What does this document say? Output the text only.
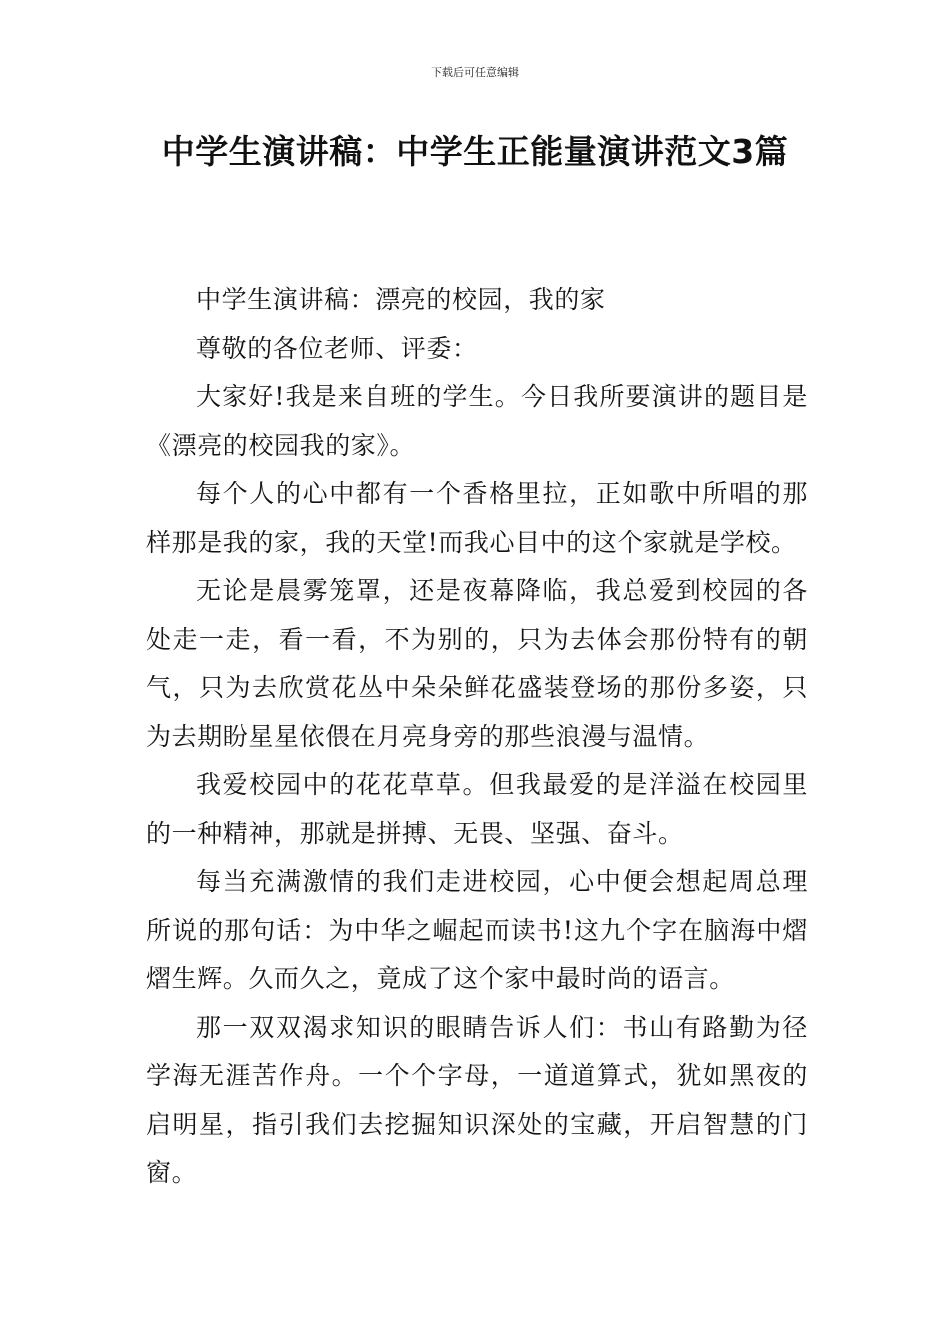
下载后可任意编辑
中学生演讲稿：中学生正能量演讲范文3篇

中学生演讲稿：漂亮的校园，我的家

尊敬的各位老师、评委：

大家好!我是来自班的学生。今日我所要演讲的题目是《漂亮的校园我的家》。

每个人的心中都有一个香格里拉，正如歌中所唱的那样那是我的家，我的天堂!而我心目中的这个家就是学校。

无论是晨雾笼罩，还是夜幕降临，我总爱到校园的各处走一走，看一看，不为别的，只为去体会那份特有的朝气，只为去欣赏花丛中朵朵鲜花盛装登场的那份多姿，只为去期盼星星依偎在月亮身旁的那些浪漫与温情。

我爱校园中的花花草草。但我最爱的是洋溢在校园里的一种精神，那就是拼搏、无畏、坚强、奋斗。

每当充满激情的我们走进校园，心中便会想起周总理所说的那句话：为中华之崛起而读书!这九个字在脑海中熠熠生辉。久而久之，竟成了这个家中最时尚的语言。

那一双双渴求知识的眼睛告诉人们：书山有路勤为径学海无涯苦作舟。一个个字母，一道道算式，犹如黑夜的启明星，指引我们去挖掘知识深处的宝藏，开启智慧的门窗。
